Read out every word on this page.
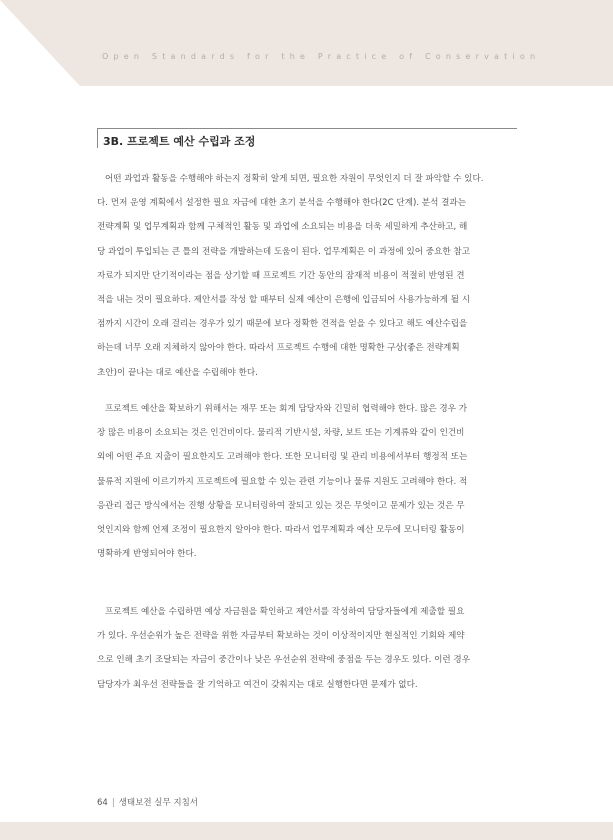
Open Standards for the Practice of Conservation
3B. 프로젝트 예산 수립과 조정
어떤 과업과 활동을 수행해야 하는지 정확히 알게 되면, 필요한 자원이 무엇인지 더 잘 파악할 수 있다.
다. 먼저 운영 계획에서 설정한 필요 자금에 대한 초기 분석을 수행해야 한다(2C 단계). 분석 결과는
전략계획 및 업무계획과 함께 구체적인 활동 및 과업에 소요되는 비용을 더욱 세밀하게 추산하고, 해
당 과업이 투입되는 큰 틀의 전략을 개발하는데 도움이 된다. 업무계획은 이 과정에 있어 중요한 참고
자료가 되지만 단기적이라는 점을 상기할 때 프로젝트 기간 동안의 잠재적 비용이 적절히 반영된 견
적을 내는 것이 필요하다. 제안서를 작성 할 때부터 실제 예산이 은행에 입금되어 사용가능하게 될 시
점까지 시간이 오래 걸리는 경우가 있기 때문에 보다 정확한 견적을 얻을 수 있다고 해도 예산수립을
하는데 너무 오래 지체하지 않아야 한다. 따라서 프로젝트 수행에 대한 명확한 구상(좋은 전략계획
초안)이 끝나는 대로 예산을 수립해야 한다.
프로젝트 예산을 확보하기 위해서는 재무 또는 회계 담당자와 긴밀히 협력해야 한다. 많은 경우 가
장 많은 비용이 소요되는 것은 인건비이다. 물리적 기반시설, 차량, 보트 또는 기계류와 같이 인건비
외에 어떤 주요 지출이 필요한지도 고려해야 한다. 또한 모니터링 및 관리 비용에서부터 행정적 또는
물류적 지원에 이르기까지 프로젝트에 필요할 수 있는 관련 기능이나 물류 지원도 고려해야 한다. 적
응관리 접근 방식에서는 진행 상황을 모니터링하여 잘되고 있는 것은 무엇이고 문제가 있는 것은 무
엇인지와 함께 언제 조정이 필요한지 알아야 한다. 따라서 업무계획과 예산 모두에 모니터링 활동이
명확하게 반영되어야 한다.
프로젝트 예산을 수립하면 예상 자금원을 확인하고 제안서를 작성하여 담당자들에게 제출할 필요
가 있다. 우선순위가 높은 전략을 위한 자금부터 확보하는 것이 이상적이지만 현실적인 기회와 제약
으로 인해 초기 조달되는 자금이 중간이나 낮은 우선순위 전략에 중점을 두는 경우도 있다. 이런 경우
담당자가 최우선 전략들을 잘 기억하고 여건이 갖춰지는 대로 실행한다면 문제가 없다.
64 | 생태보전 실무 지침서
